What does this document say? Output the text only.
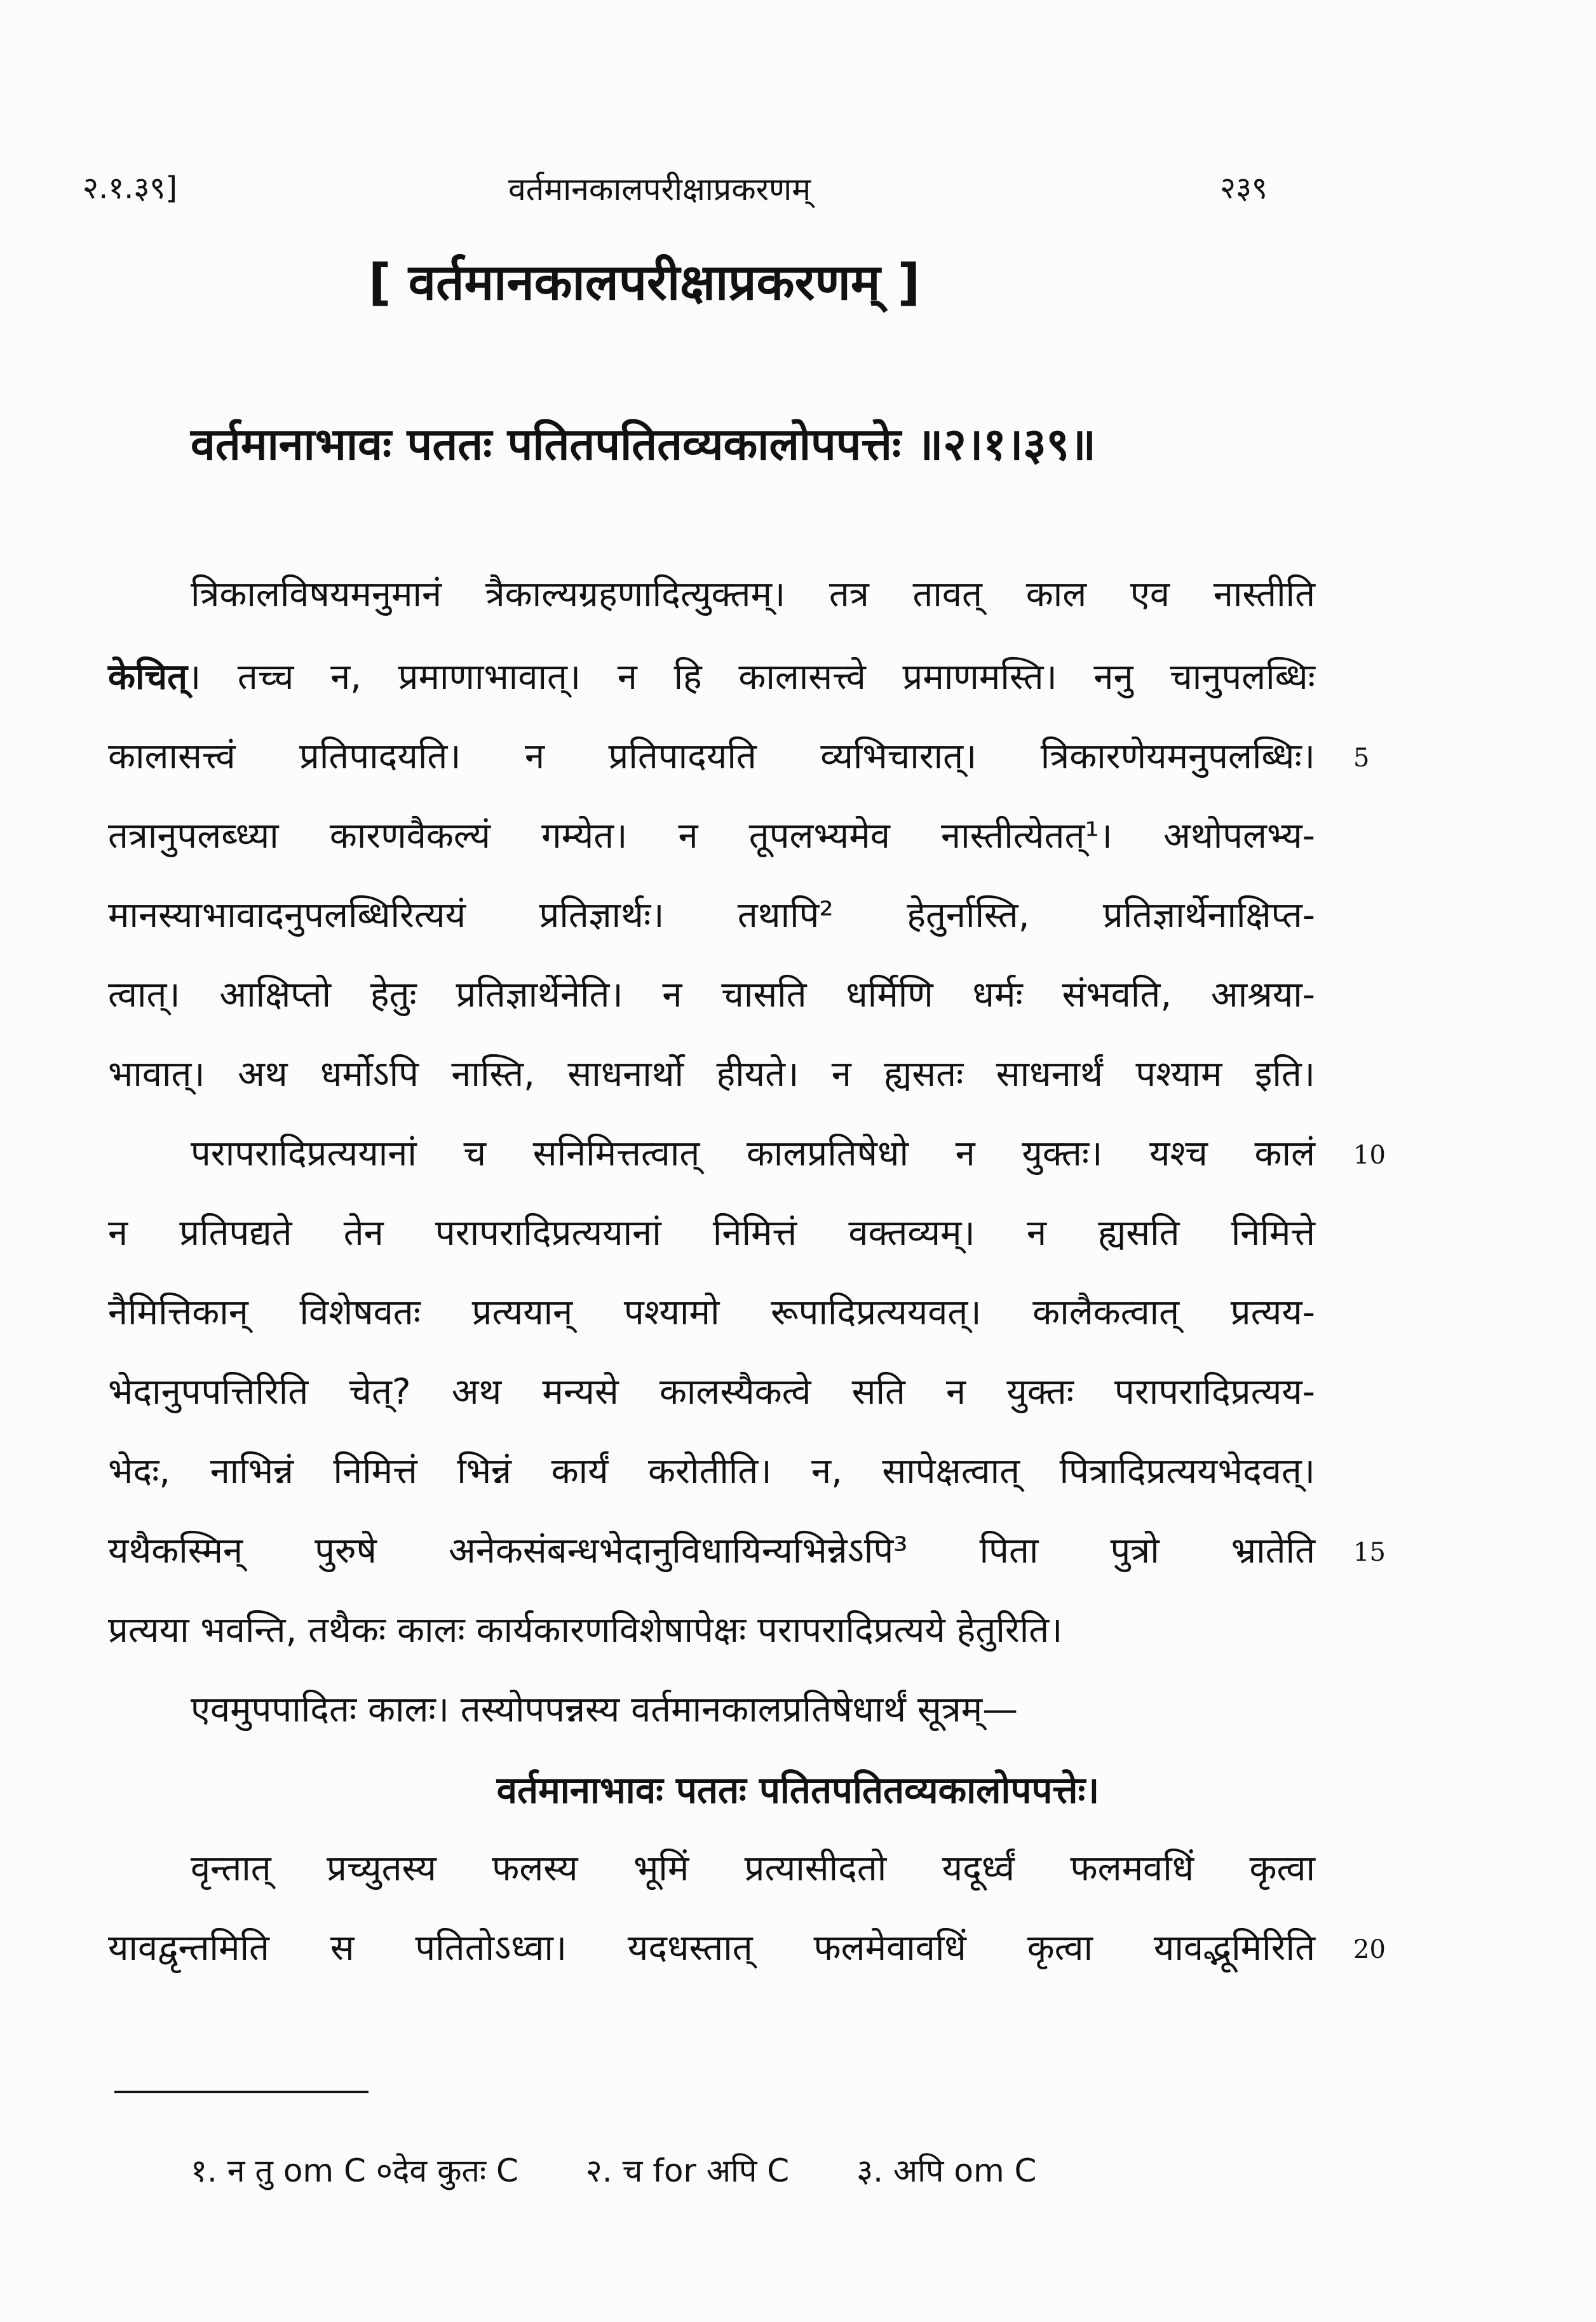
२.१.३९]	वर्तमानकालपरीक्षाप्रकरणम्	२३९
[ वर्तमानकालपरीक्षाप्रकरणम् ]
वर्तमानाभावः पततः पतितपतितव्यकालोपपत्तेः ॥२।१।३९॥
त्रिकालविषयमनुमानं त्रैकाल्यग्रहणादित्युक्तम्। तत्र तावत् काल एव नास्तीति
केचित्। तच्च न, प्रमाणाभावात्। न हि कालासत्त्वे प्रमाणमस्ति। ननु चानुपलब्धिः
कालासत्त्वं प्रतिपादयति। न प्रतिपादयति व्यभिचारात्। त्रिकारणेयमनुपलब्धिः।
तत्रानुपलब्ध्या कारणवैकल्यं गम्येत। न तूपलभ्यमेव नास्तीत्येतत्¹। अथोपलभ्य-
मानस्याभावादनुपलब्धिरित्ययं प्रतिज्ञार्थः। तथापि² हेतुर्नास्ति, प्रतिज्ञार्थेनाक्षिप्त-
त्वात्। आक्षिप्तो हेतुः प्रतिज्ञार्थेनेति। न चासति धर्मिणि धर्मः संभवति, आश्रया-
भावात्। अथ धर्मोऽपि नास्ति, साधनार्थो हीयते। न ह्यसतः साधनार्थं पश्याम इति।
परापरादिप्रत्ययानां च सनिमित्तत्वात् कालप्रतिषेधो न युक्तः। यश्च कालं
न प्रतिपद्यते तेन परापरादिप्रत्ययानां निमित्तं वक्तव्यम्। न ह्यसति निमित्ते
नैमित्तिकान् विशेषवतः प्रत्ययान् पश्यामो रूपादिप्रत्ययवत्। कालैकत्वात् प्रत्यय-
भेदानुपपत्तिरिति चेत्? अथ मन्यसे कालस्यैकत्वे सति न युक्तः परापरादिप्रत्यय-
भेदः, नाभिन्नं निमित्तं भिन्नं कार्यं करोतीति। न, सापेक्षत्वात् पित्रादिप्रत्ययभेदवत्।
यथैकस्मिन् पुरुषे अनेकसंबन्धभेदानुविधायिन्यभिन्नेऽपि³ पिता पुत्रो भ्रातेति
प्रत्यया भवन्ति, तथैकः कालः कार्यकारणविशेषापेक्षः परापरादिप्रत्यये हेतुरिति।
एवमुपपादितः कालः। तस्योपपन्नस्य वर्तमानकालप्रतिषेधार्थं सूत्रम्—
वर्तमानाभावः पततः पतितपतितव्यकालोपपत्तेः।
वृन्तात् प्रच्युतस्य फलस्य भूमिं प्रत्यासीदतो यदूर्ध्वं फलमवधिं कृत्वा
यावद्वृन्तमिति स पतितोऽध्वा। यदधस्तात् फलमेवावधिं कृत्वा यावद्भूमिरिति
5
10
15
20
१. न तु om C ०देव कुतः C २. च for अपि C ३. अपि om C
